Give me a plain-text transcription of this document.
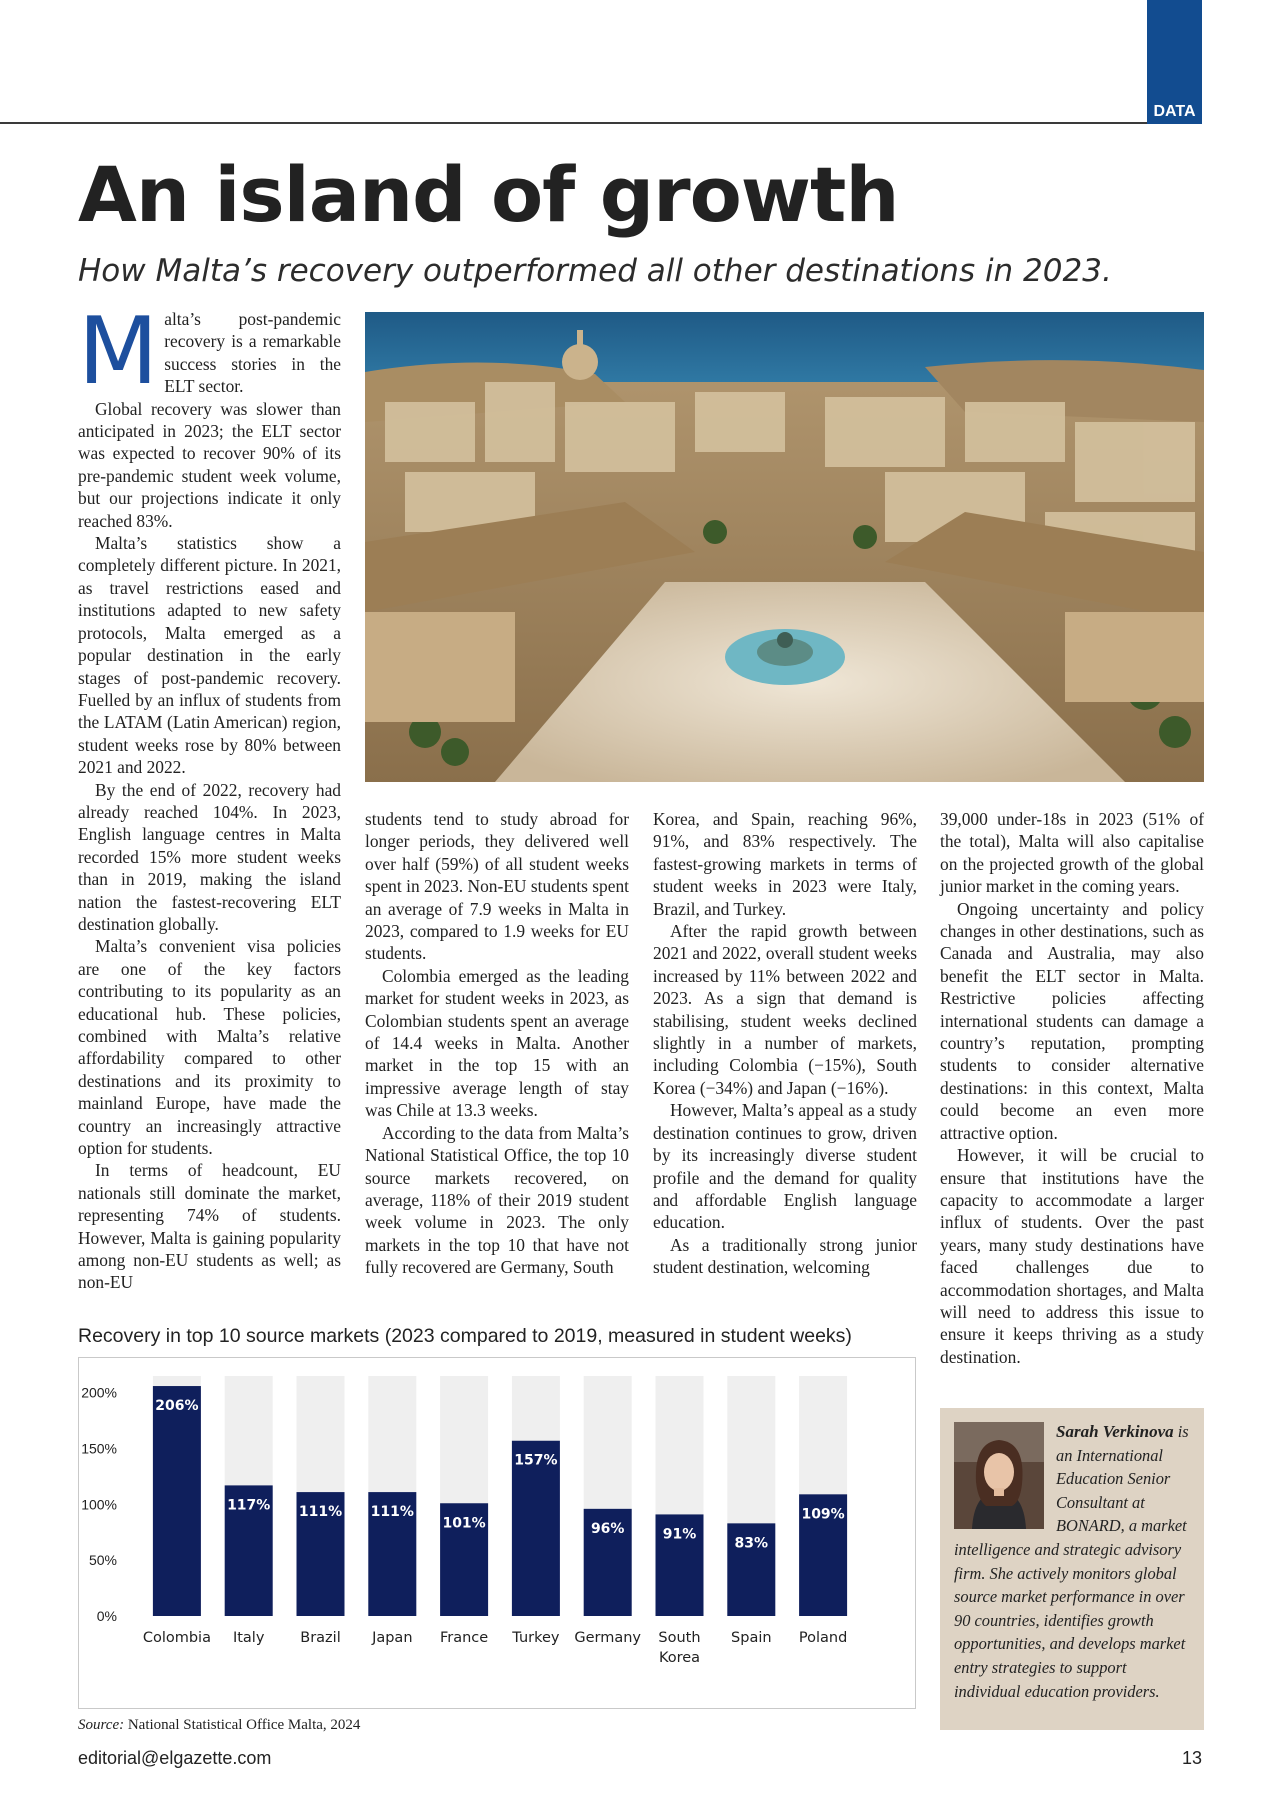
DATA
An island of growth
How Malta’s recovery outperformed all other destinations in 2023.
M alta’s post-pandemic recovery is a remarkable success stories in the ELT sector.

Global recovery was slower than anticipated in 2023; the ELT sector was expected to recover 90% of its pre-pandemic student week volume, but our projections indicate it only reached 83%.

Malta’s statistics show a completely different picture. In 2021, as travel restrictions eased and institutions adapted to new safety protocols, Malta emerged as a popular destination in the early stages of post-pandemic recovery. Fuelled by an influx of students from the LATAM (Latin American) region, student weeks rose by 80% between 2021 and 2022.

By the end of 2022, recovery had already reached 104%. In 2023, English language centres in Malta recorded 15% more student weeks than in 2019, making the island nation the fastest-recovering ELT destination globally.

Malta’s convenient visa policies are one of the key factors contributing to its popularity as an educational hub. These policies, combined with Malta’s relative affordability compared to other destinations and its proximity to mainland Europe, have made the country an increasingly attractive option for students.

In terms of headcount, EU nationals still dominate the market, representing 74% of students. However, Malta is gaining popularity among non-EU students as well; as non-EU

students tend to study abroad for longer periods, they delivered well over half (59%) of all student weeks spent in 2023. Non-EU students spent an average of 7.9 weeks in Malta in 2023, compared to 1.9 weeks for EU students.

Colombia emerged as the leading market for student weeks in 2023, as Colombian students spent an average of 14.4 weeks in Malta. Another market in the top 15 with an impressive average length of stay was Chile at 13.3 weeks.

According to the data from Malta’s National Statistical Office, the top 10 source markets recovered, on average, 118% of their 2019 student week volume in 2023. The only markets in the top 10 that have not fully recovered are Germany, South

Korea, and Spain, reaching 96%, 91%, and 83% respectively. The fastest-growing markets in terms of student weeks in 2023 were Italy, Brazil, and Turkey.

After the rapid growth between 2021 and 2022, overall student weeks increased by 11% between 2022 and 2023. As a sign that demand is stabilising, student weeks declined slightly in a number of markets, including Colombia (−15%), South Korea (−34%) and Japan (−16%).

However, Malta’s appeal as a study destination continues to grow, driven by its increasingly diverse student profile and the demand for quality and affordable English language education.

As a traditionally strong junior student destination, welcoming

39,000 under-18s in 2023 (51% of the total), Malta will also capitalise on the projected growth of the global junior market in the coming years.

Ongoing uncertainty and policy changes in other destinations, such as Canada and Australia, may also benefit the ELT sector in Malta. Restrictive policies affecting international students can damage a country’s reputation, prompting students to consider alternative destinations: in this context, Malta could become an even more attractive option.

However, it will be crucial to ensure that institutions have the capacity to accommodate a larger influx of students. Over the past years, many study destinations have faced challenges due to accommodation shortages, and Malta will need to address this issue to ensure it keeps thriving as a study destination.

Recovery in top 10 source markets (2023 compared to 2019, measured in student weeks)
0%
50%
100%
150%
200%
206%
Colombia
117%
Italy
111%
Brazil
111%
Japan
101%
France
157%
Turkey
96%
Germany
91%
South
Korea
83%
Spain
109%
Poland
Source: National Statistical Office Malta, 2024
Sarah Verkinova is an International Education Senior Consultant at BONARD, a market intelligence and strategic advisory firm. She actively monitors global source market performance in over 90 countries, identifies growth opportunities, and develops market entry strategies to support individual education providers.
editorial@elgazette.com	13
